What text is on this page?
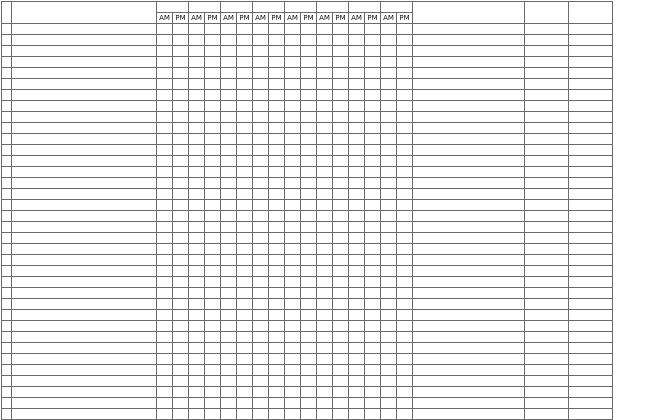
		AM	PM	AM	PM	AM	PM	AM	PM	AM	PM	AM	PM	AM	PM	AM	PM			
